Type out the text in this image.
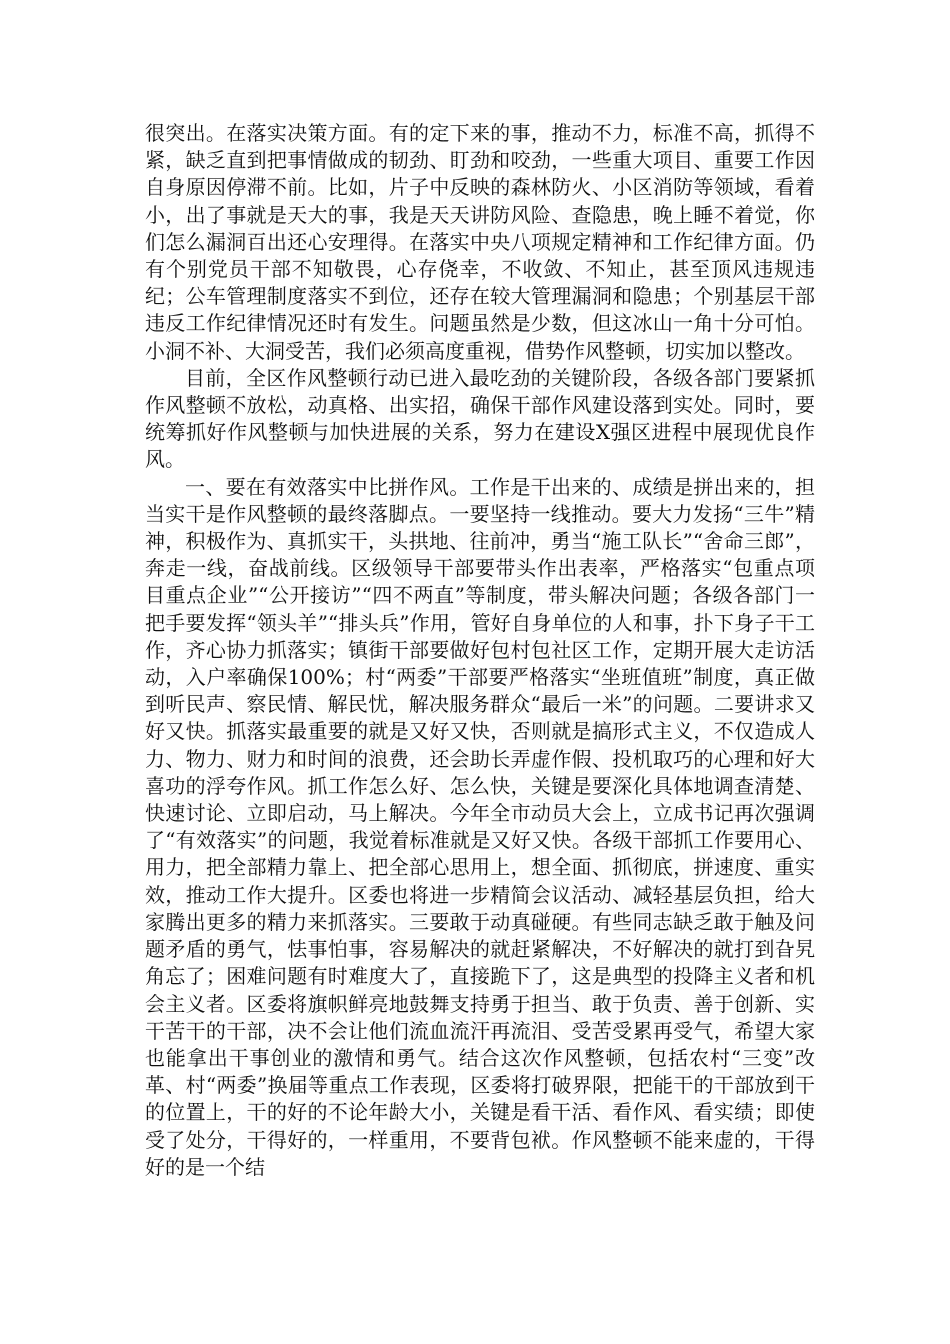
很突出。在落实决策方面。有的定下来的事，推动不力，标准不高，抓得不紧，缺乏直到把事情做成的韧劲、盯劲和咬劲，一些重大项目、重要工作因自身原因停滞不前。比如，片子中反映的森林防火、小区消防等领域，看着小，出了事就是天大的事，我是天天讲防风险、查隐患，晚上睡不着觉，你们怎么漏洞百出还心安理得。在落实中央八项规定精神和工作纪律方面。仍有个别党员干部不知敬畏，心存侥幸，不收敛、不知止，甚至顶风违规违纪；公车管理制度落实不到位，还存在较大管理漏洞和隐患；个别基层干部违反工作纪律情况还时有发生。问题虽然是少数，但这冰山一角十分可怕。小洞不补、大洞受苦，我们必须高度重视，借势作风整顿，切实加以整改。

目前，全区作风整顿行动已进入最吃劲的关键阶段，各级各部门要紧抓作风整顿不放松，动真格、出实招，确保干部作风建设落到实处。同时，要统筹抓好作风整顿与加快进展的关系，努力在建设X强区进程中展现优良作风。

一、要在有效落实中比拼作风。工作是干出来的、成绩是拼出来的，担当实干是作风整顿的最终落脚点。一要坚持一线推动。要大力发扬“三牛”精神，积极作为、真抓实干，头拱地、往前冲，勇当“施工队长”“舍命三郎”，奔走一线，奋战前线。区级领导干部要带头作出表率，严格落实“包重点项目重点企业”“公开接访”“四不两直”等制度，带头解决问题；各级各部门一把手要发挥“领头羊”“排头兵”作用，管好自身单位的人和事，扑下身子干工作，齐心协力抓落实；镇街干部要做好包村包社区工作，定期开展大走访活动，入户率确保100%；村“两委”干部要严格落实“坐班值班”制度，真正做到听民声、察民情、解民忧，解决服务群众“最后一米”的问题。二要讲求又好又快。抓落实最重要的就是又好又快，否则就是搞形式主义，不仅造成人力、物力、财力和时间的浪费，还会助长弄虚作假、投机取巧的心理和好大喜功的浮夸作风。抓工作怎么好、怎么快，关键是要深化具体地调查清楚、快速讨论、立即启动，马上解决。今年全市动员大会上，立成书记再次强调了“有效落实”的问题，我觉着标准就是又好又快。各级干部抓工作要用心、用力，把全部精力靠上、把全部心思用上，想全面、抓彻底，拼速度、重实效，推动工作大提升。区委也将进一步精简会议活动、减轻基层负担，给大家腾出更多的精力来抓落实。三要敢于动真碰硬。有些同志缺乏敢于触及问题矛盾的勇气，怯事怕事，容易解决的就赶紧解决，不好解决的就打到旮旯角忘了；困难问题有时难度大了，直接跪下了，这是典型的投降主义者和机会主义者。区委将旗帜鲜亮地鼓舞支持勇于担当、敢于负责、善于创新、实干苦干的干部，决不会让他们流血流汗再流泪、受苦受累再受气，希望大家也能拿出干事创业的激情和勇气。结合这次作风整顿，包括农村“三变”改革、村“两委”换届等重点工作表现，区委将打破界限，把能干的干部放到干的位置上，干的好的不论年龄大小，关键是看干活、看作风、看实绩；即使受了处分，干得好的，一样重用，不要背包袱。作风整顿不能来虚的，干得好的是一个结
